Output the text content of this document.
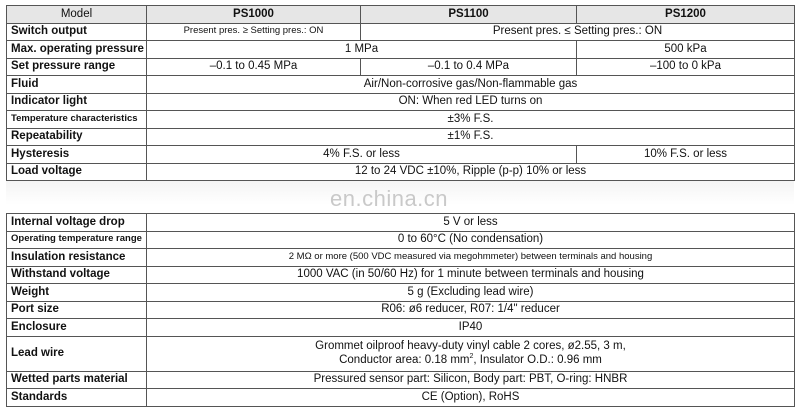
Model	PS1000	PS1100	PS1200
Switch output	Present pres. ≥ Setting pres.: ON	Present pres. ≤ Setting pres.: ON	
Max. operating pressure	1 MPa		500 kPa
Set pressure range	–0.1 to 0.45 MPa	–0.1 to 0.4 MPa	–100 to 0 kPa
Fluid	Air/Non-corrosive gas/Non-flammable gas		
Indicator light	ON: When red LED turns on		
Temperature characteristics	±3% F.S.		
Repeatability	±1% F.S.		
Hysteresis	4% F.S. or less		10% F.S. or less
Load voltage	12 to 24 VDC ±10%, Ripple (p-p) 10% or less		
en.china.cn
Internal voltage drop	5 V or less
Operating temperature range	0 to 60°C (No condensation)
Insulation resistance	2 MΩ or more (500 VDC measured via megohmmeter) between terminals and housing
Withstand voltage	1000 VAC (in 50/60 Hz) for 1 minute between terminals and housing
Weight	5 g (Excluding lead wire)
Port size	R06: ø6 reducer, R07: 1/4" reducer
Enclosure	IP40
Lead wire	Grommet oilproof heavy-duty vinyl cable 2 cores, ø2.55, 3 m,
Conductor area: 0.18 $mm^2$, Insulator O.D.: 0.96 mm

Wetted parts material	Pressured sensor part: Silicon, Body part: PBT, O-ring: HNBR
Standards	CE (Option), RoHS
